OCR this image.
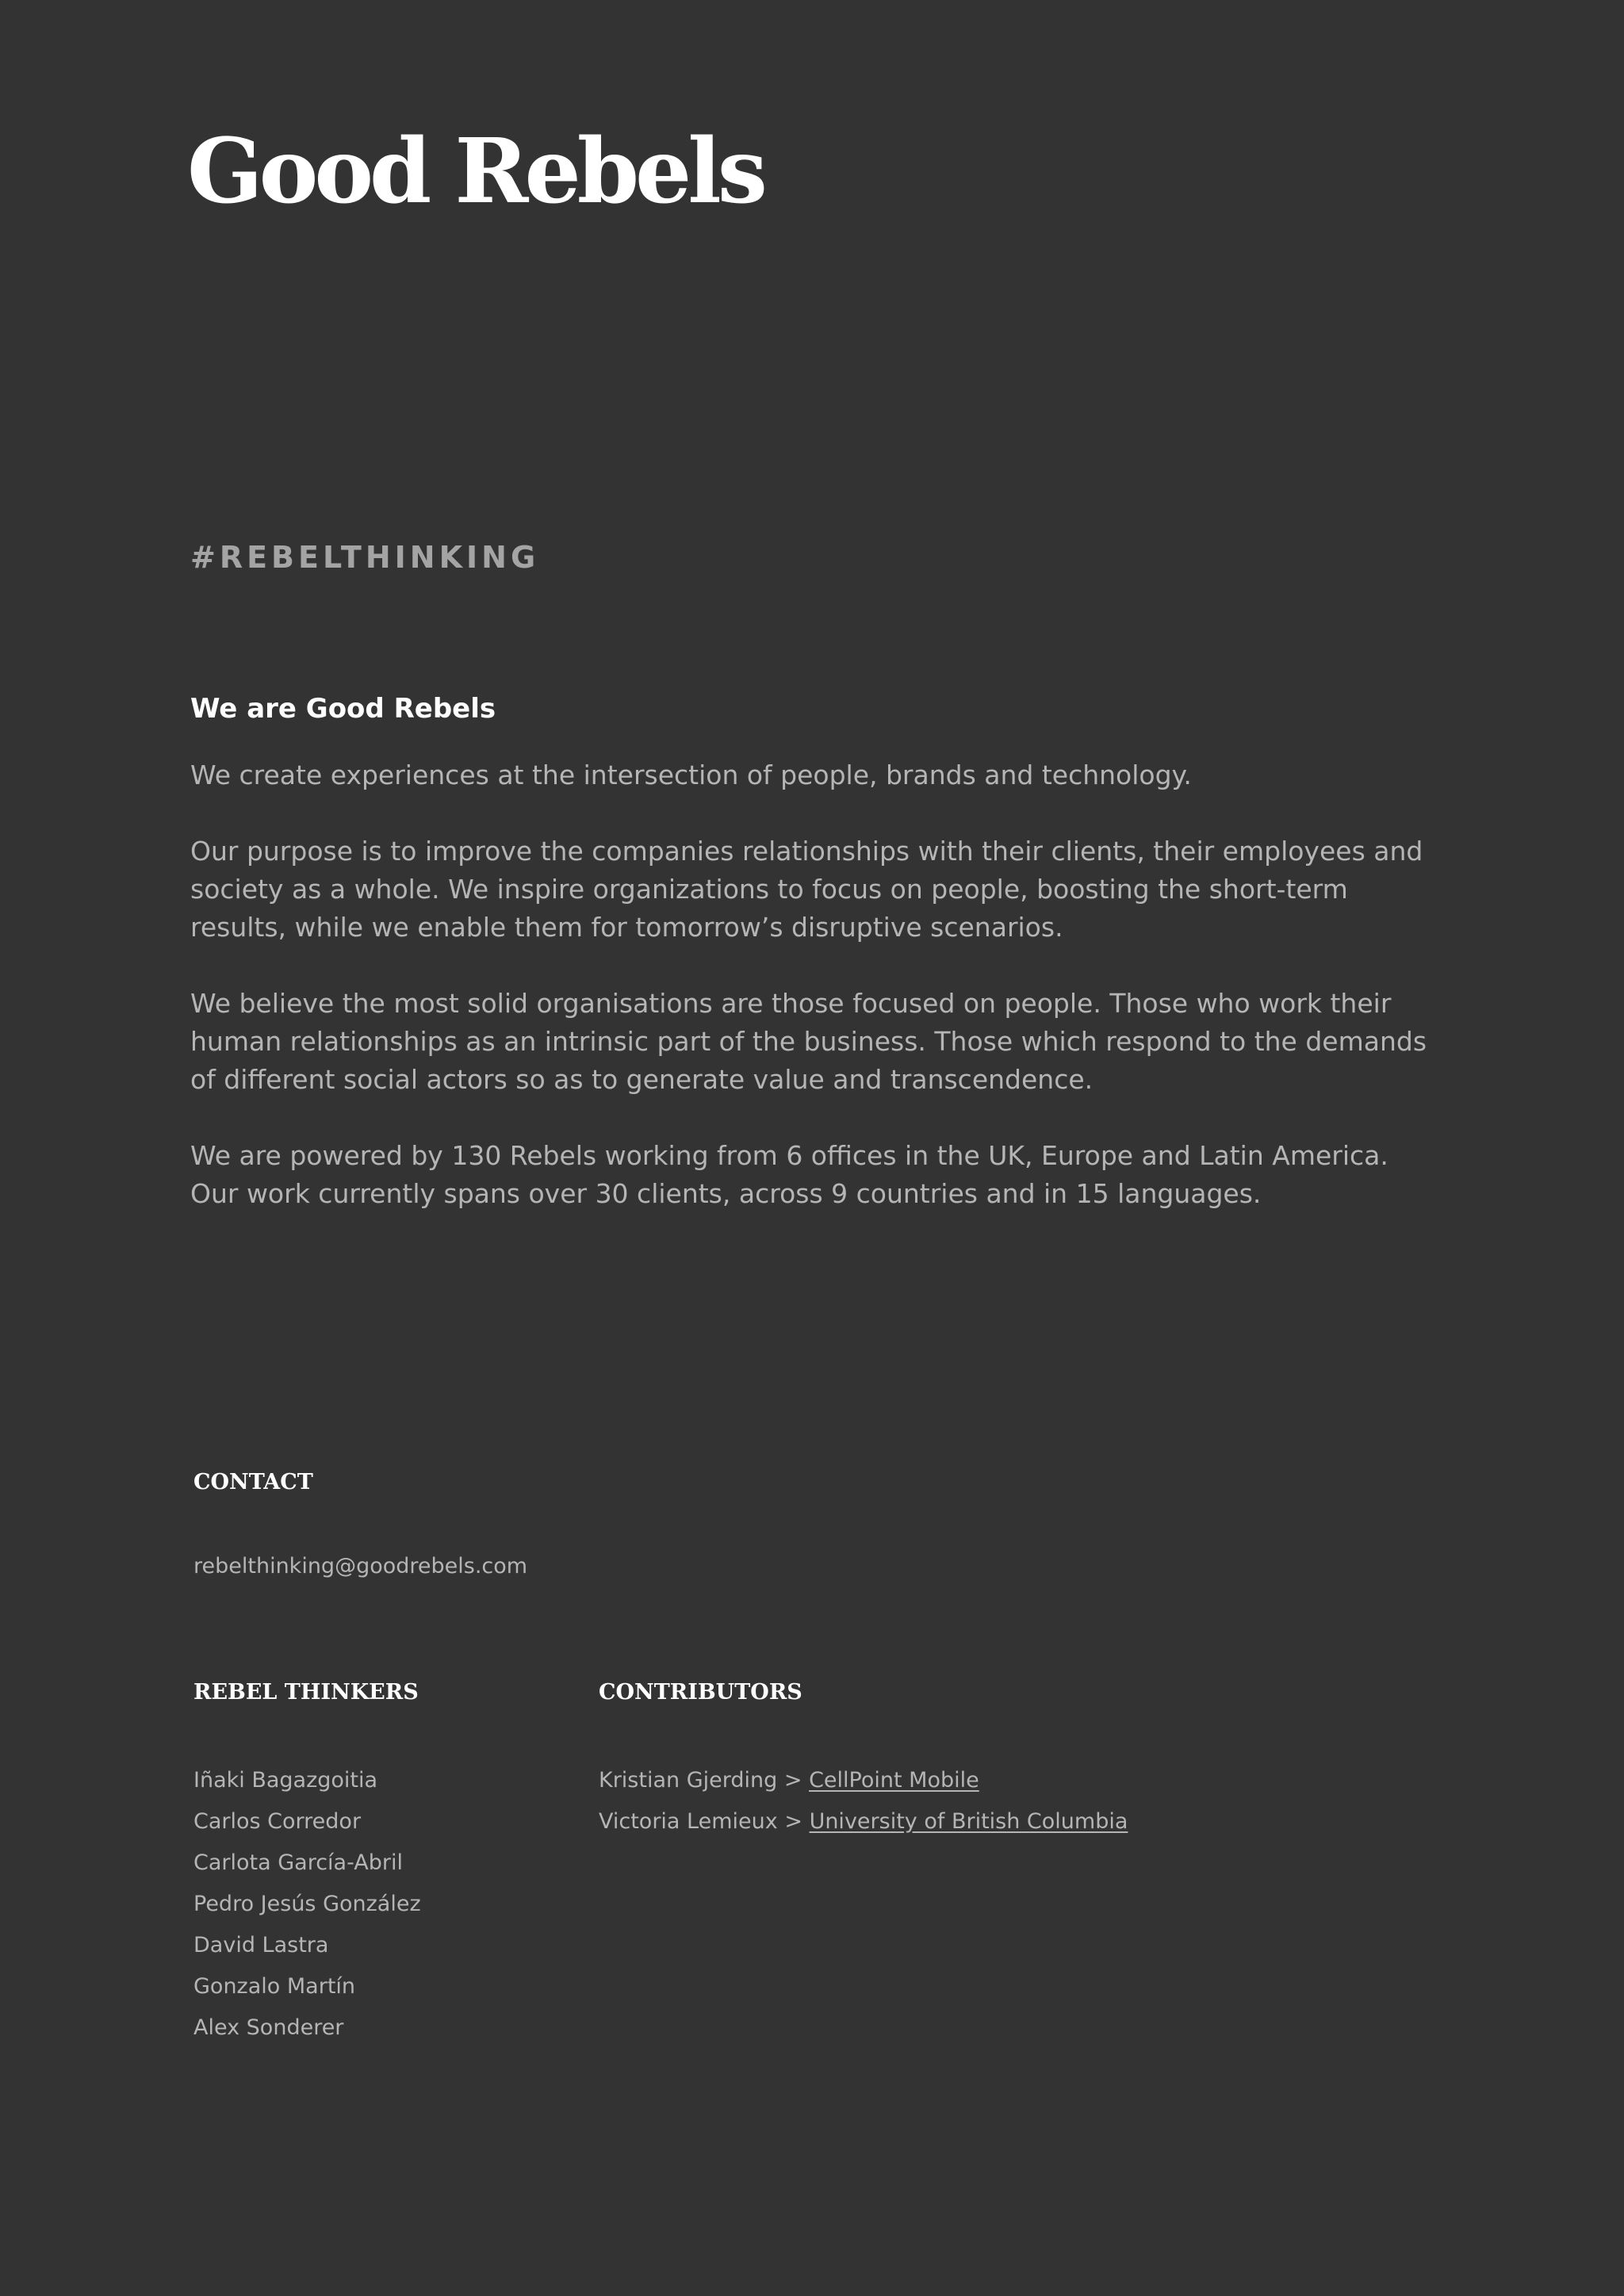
Good Rebels
#REBELTHINKING
We are Good Rebels

We create experiences at the intersection of people, brands and technology.

Our purpose is to improve the companies relationships with their clients, their employees and society as a whole. We inspire organizations to focus on people, boosting the short-term results, while we enable them for tomorrow’s disruptive scenarios.

We believe the most solid organisations are those focused on people. Those who work their human relationships as an intrinsic part of the business. Those which respond to the demands of different social actors so as to generate value and transcendence.

We are powered by 130 Rebels working from 6 offices in the UK, Europe and Latin America. Our work currently spans over 30 clients, across 9 countries and in 15 languages.

CONTACT
rebelthinking@goodrebels.com
REBEL THINKERS
Iñaki Bagazgoitia
Carlos Corredor
Carlota García-Abril
Pedro Jesús González
David Lastra
Gonzalo Martín
Alex Sonderer
CONTRIBUTORS
Kristian Gjerding > CellPoint Mobile
Victoria Lemieux > University of British Columbia
